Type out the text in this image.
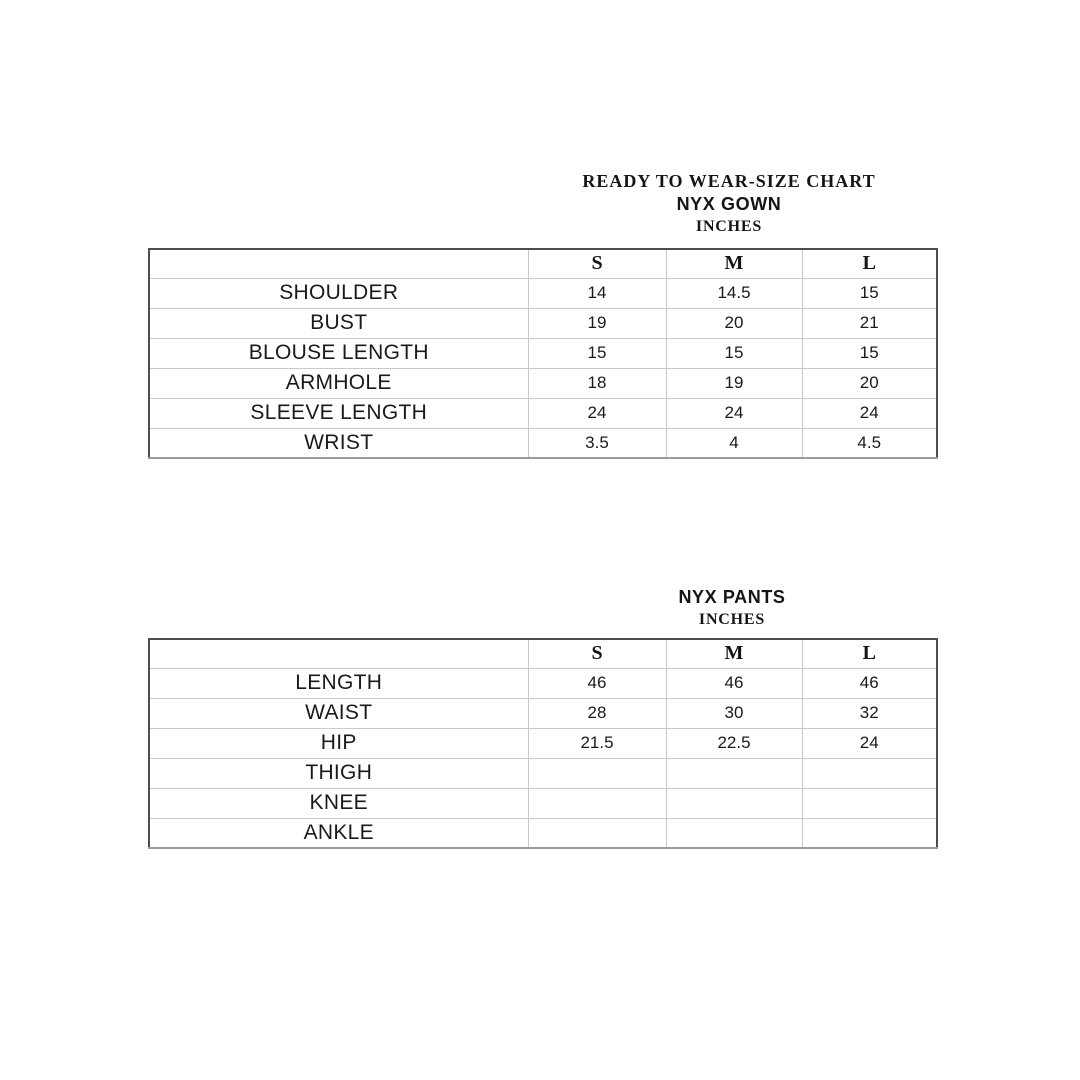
READY TO WEAR-SIZE CHART
NYX GOWN
INCHES
	S	M	L
SHOULDER	14	14.5	15
BUST	19	20	21
BLOUSE LENGTH	15	15	15
ARMHOLE	18	19	20
SLEEVE LENGTH	24	24	24
WRIST	3.5	4	4.5
NYX PANTS
INCHES
	S	M	L
LENGTH	46	46	46
WAIST	28	30	32
HIP	21.5	22.5	24
THIGH			
KNEE			
ANKLE			
